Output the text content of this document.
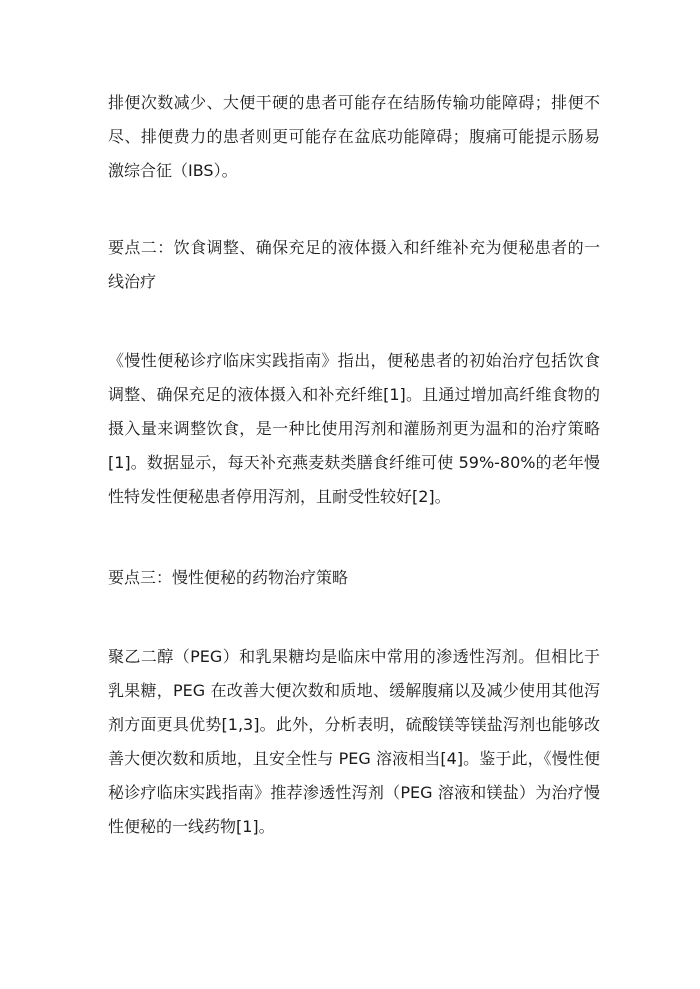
排便次数减少、大便干硬的患者可能存在结肠传输功能障碍；排便不尽、排便费力的患者则更可能存在盆底功能障碍；腹痛可能提示肠易激综合征（IBS）。

要点二：饮食调整、确保充足的液体摄入和纤维补充为便秘患者的一线治疗

《慢性便秘诊疗临床实践指南》指出，便秘患者的初始治疗包括饮食调整、确保充足的液体摄入和补充纤维[1]。且通过增加高纤维食物的摄入量来调整饮食，是一种比使用泻剂和灌肠剂更为温和的治疗策略[1]。数据显示，每天补充燕麦麸类膳食纤维可使 59%-80%的老年慢性特发性便秘患者停用泻剂，且耐受性较好[2]。

要点三：慢性便秘的药物治疗策略

聚乙二醇（PEG）和乳果糖均是临床中常用的渗透性泻剂。但相比于乳果糖，PEG 在改善大便次数和质地、缓解腹痛以及减少使用其他泻剂方面更具优势[1,3]。此外，分析表明，硫酸镁等镁盐泻剂也能够改善大便次数和质地，且安全性与 PEG 溶液相当[4]。鉴于此，《慢性便秘诊疗临床实践指南》推荐渗透性泻剂（PEG 溶液和镁盐）为治疗慢性便秘的一线药物[1]。
